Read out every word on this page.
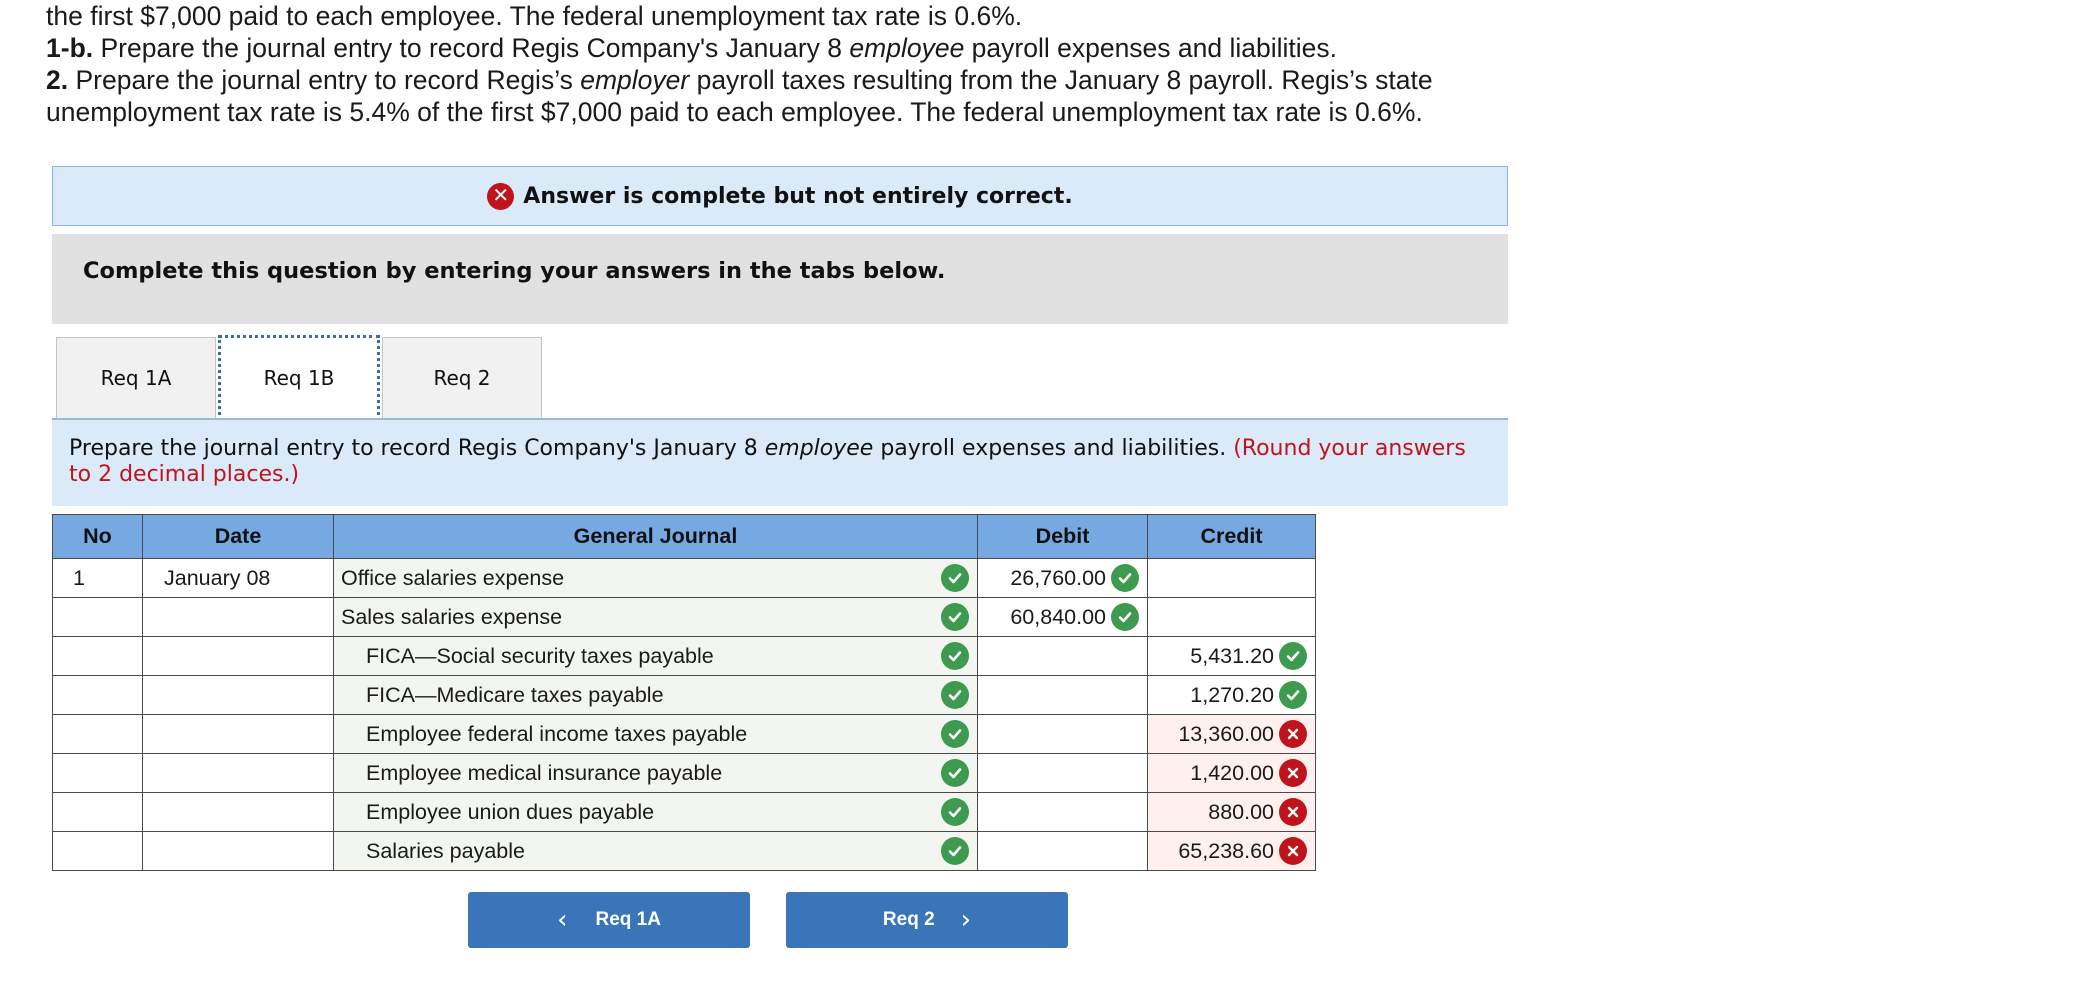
the first $7,000 paid to each employee. The federal unemployment tax rate is 0.6%.
1-b. Prepare the journal entry to record Regis Company's January 8 employee payroll expenses and liabilities.
2. Prepare the journal entry to record Regis’s employer payroll taxes resulting from the January 8 payroll. Regis’s state
unemployment tax rate is 5.4% of the first $7,000 paid to each employee. The federal unemployment tax rate is 0.6%.
✕ Answer is complete but not entirely correct.
Complete this question by entering your answers in the tabs below.
Req 1A	Req 1B	Req 2
Prepare the journal entry to record Regis Company's January 8 employee payroll expenses and liabilities. (Round your answers to 2 decimal places.)
No	Date	General Journal	Debit	Credit
1	January 08	Office salaries expense	26,760.00	

		Sales salaries expense	60,840.00	

		FICA—Social security taxes payable		5,431.20

		FICA—Medicare taxes payable		1,270.20

		Employee federal income taxes payable		13,360.00

		Employee medical insurance payable		1,420.00

		Employee union dues payable		880.00

		Salaries payable		65,238.60
‹ Req 1A	Req 2 ›
